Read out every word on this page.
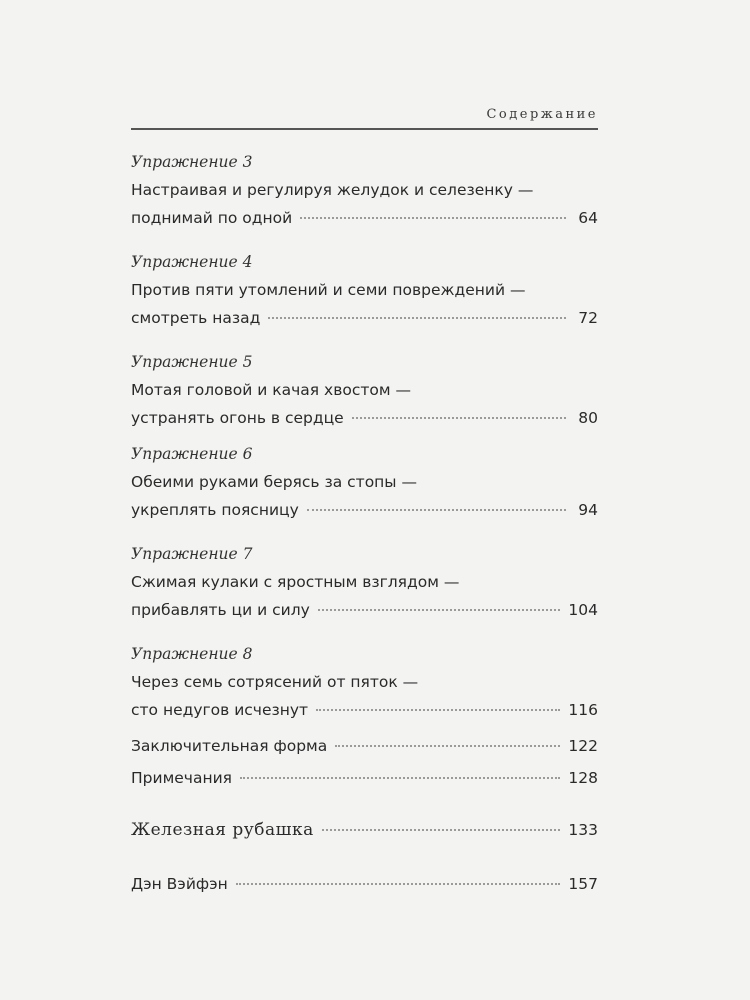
Содержание
Упражнение 3
Настраивая и регулируя желудок и селезенку —
поднимай по одной	64
Упражнение 4
Против пяти утомлений и семи повреждений —
смотреть назад	72
Упражнение 5
Мотая головой и качая хвостом —
устранять огонь в сердце	80
Упражнение 6
Обеими руками берясь за стопы —
укреплять поясницу	94
Упражнение 7
Сжимая кулаки с яростным взглядом —
прибавлять ци и силу	104
Упражнение 8
Через семь сотрясений от пяток —
сто недугов исчезнут	116
Заключительная форма	122
Примечания	128
Железная рубашка	133
Дэн Вэйфэн	157
